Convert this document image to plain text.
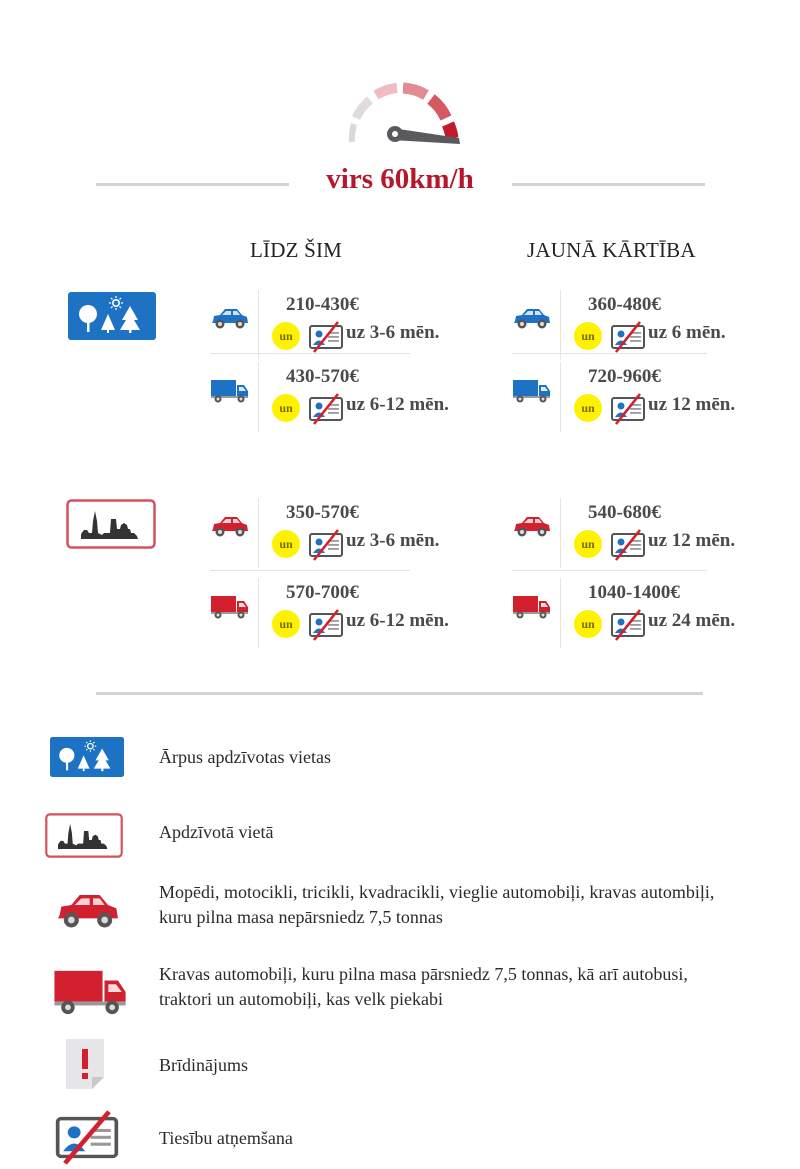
virs 60km/h
LĪDZ ŠIM	JAUNĀ KĀRTĪBA
210-430€
un	uz 3-6 mēn.
360-480€
un	uz 6 mēn.
430-570€
un	uz 6-12 mēn.
720-960€
un	uz 12 mēn.
350-570€
un	uz 3-6 mēn.
540-680€
un	uz 12 mēn.
570-700€
un	uz 6-12 mēn.
1040-1400€
un	uz 24 mēn.
Ārpus apdzīvotas vietas
Apdzīvotā vietā
Mopēdi, motocikli, tricikli, kvadracikli, vieglie automobiļi, kravas autombiļi, kuru pilna masa nepārsniedz 7,5 tonnas
Kravas automobiļi, kuru pilna masa pārsniedz 7,5 tonnas, kā arī autobusi, traktori un automobiļi, kas velk piekabi
Brīdinājums
Tiesību atņemšana
